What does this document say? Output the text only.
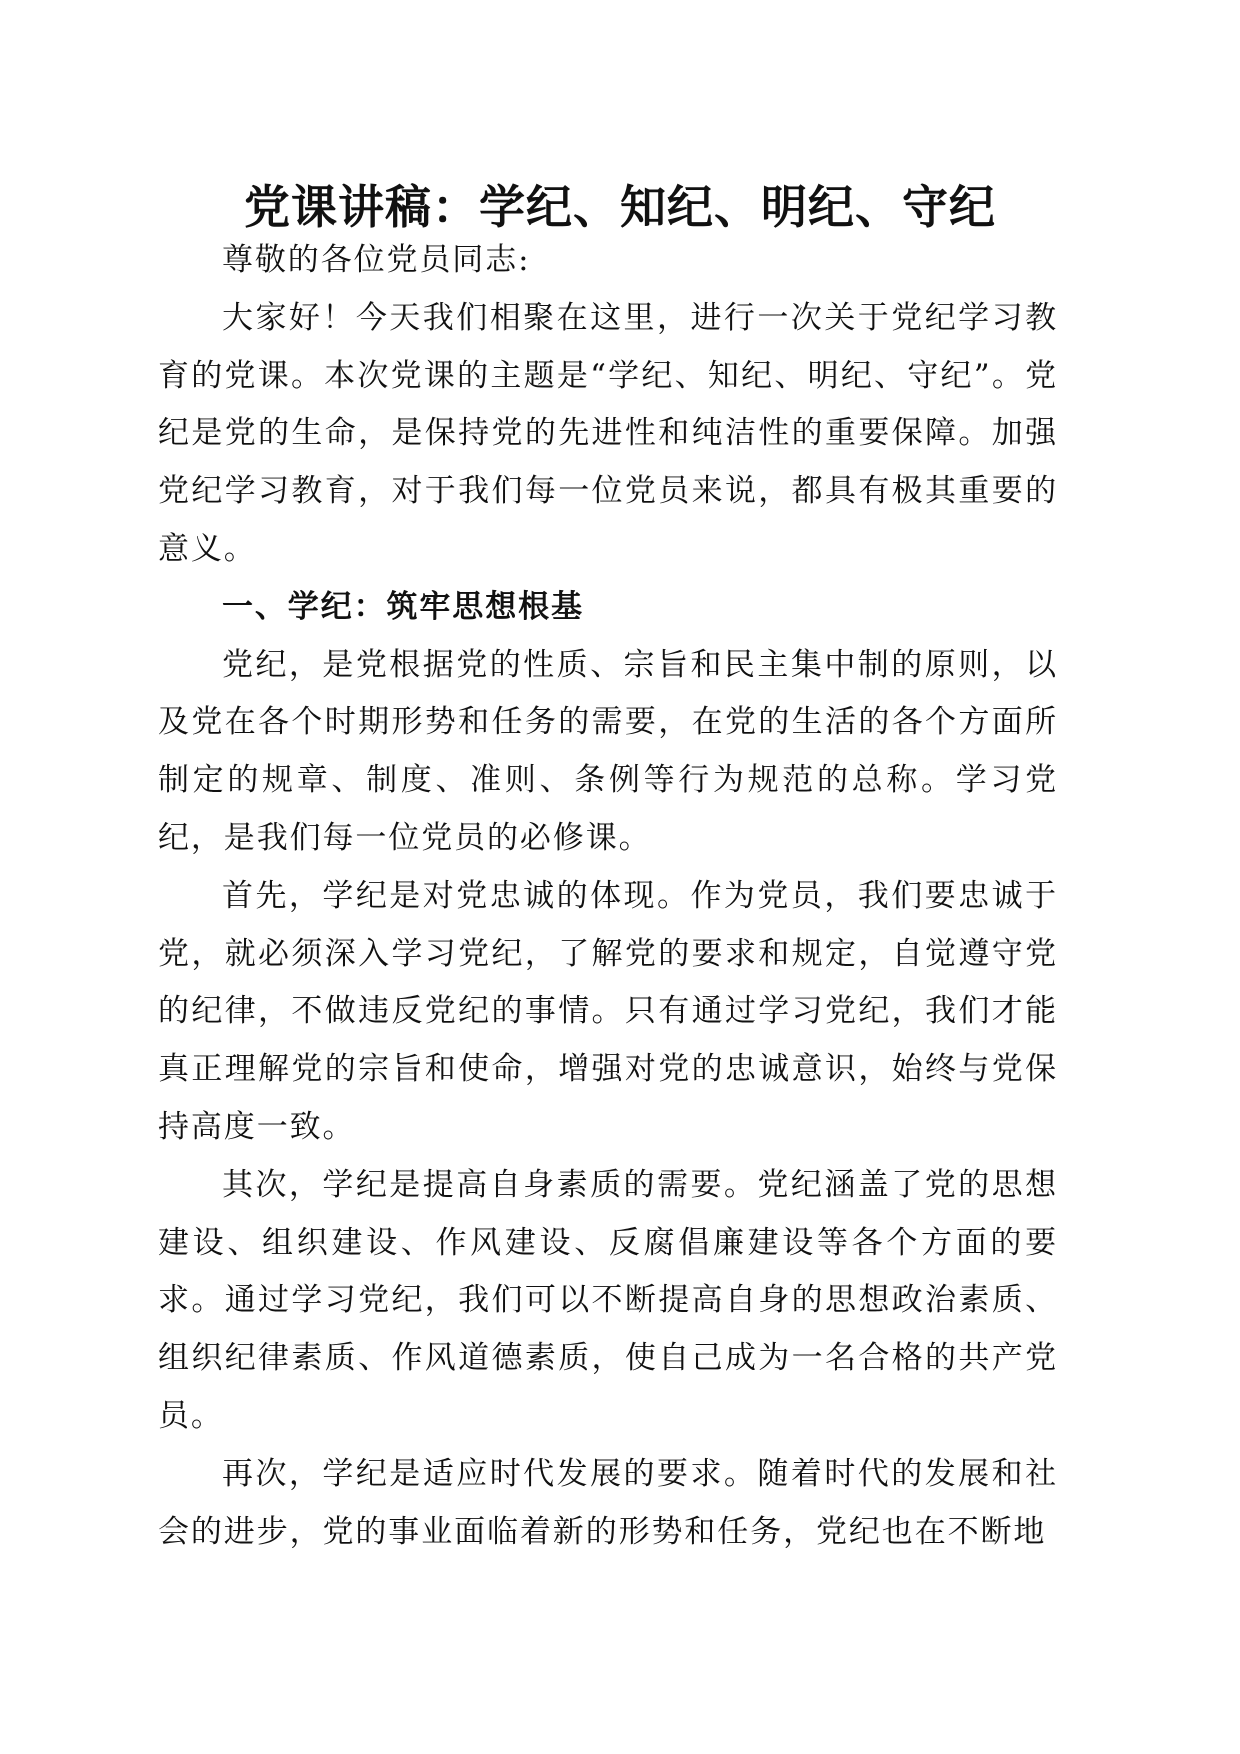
党课讲稿：学纪、知纪、明纪、守纪

尊敬的各位党员同志:

大家好！今天我们相聚在这里，进行一次关于党纪学习教育的党课。本次党课的主题是“学纪、知纪、明纪、守纪”。党纪是党的生命，是保持党的先进性和纯洁性的重要保障。加强党纪学习教育，对于我们每一位党员来说，都具有极其重要的意义。

一、学纪：筑牢思想根基

党纪，是党根据党的性质、宗旨和民主集中制的原则，以及党在各个时期形势和任务的需要，在党的生活的各个方面所制定的规章、制度、准则、条例等行为规范的总称。学习党纪，是我们每一位党员的必修课。

首先，学纪是对党忠诚的体现。作为党员，我们要忠诚于党，就必须深入学习党纪，了解党的要求和规定，自觉遵守党的纪律，不做违反党纪的事情。只有通过学习党纪，我们才能真正理解党的宗旨和使命，增强对党的忠诚意识，始终与党保持高度一致。

其次，学纪是提高自身素质的需要。党纪涵盖了党的思想建设、组织建设、作风建设、反腐倡廉建设等各个方面的要求。通过学习党纪，我们可以不断提高自身的思想政治素质、组织纪律素质、作风道德素质，使自己成为一名合格的共产党员。

再次，学纪是适应时代发展的要求。随着时代的发展和社会的进步，党的事业面临着新的形势和任务，党纪也在不断地
